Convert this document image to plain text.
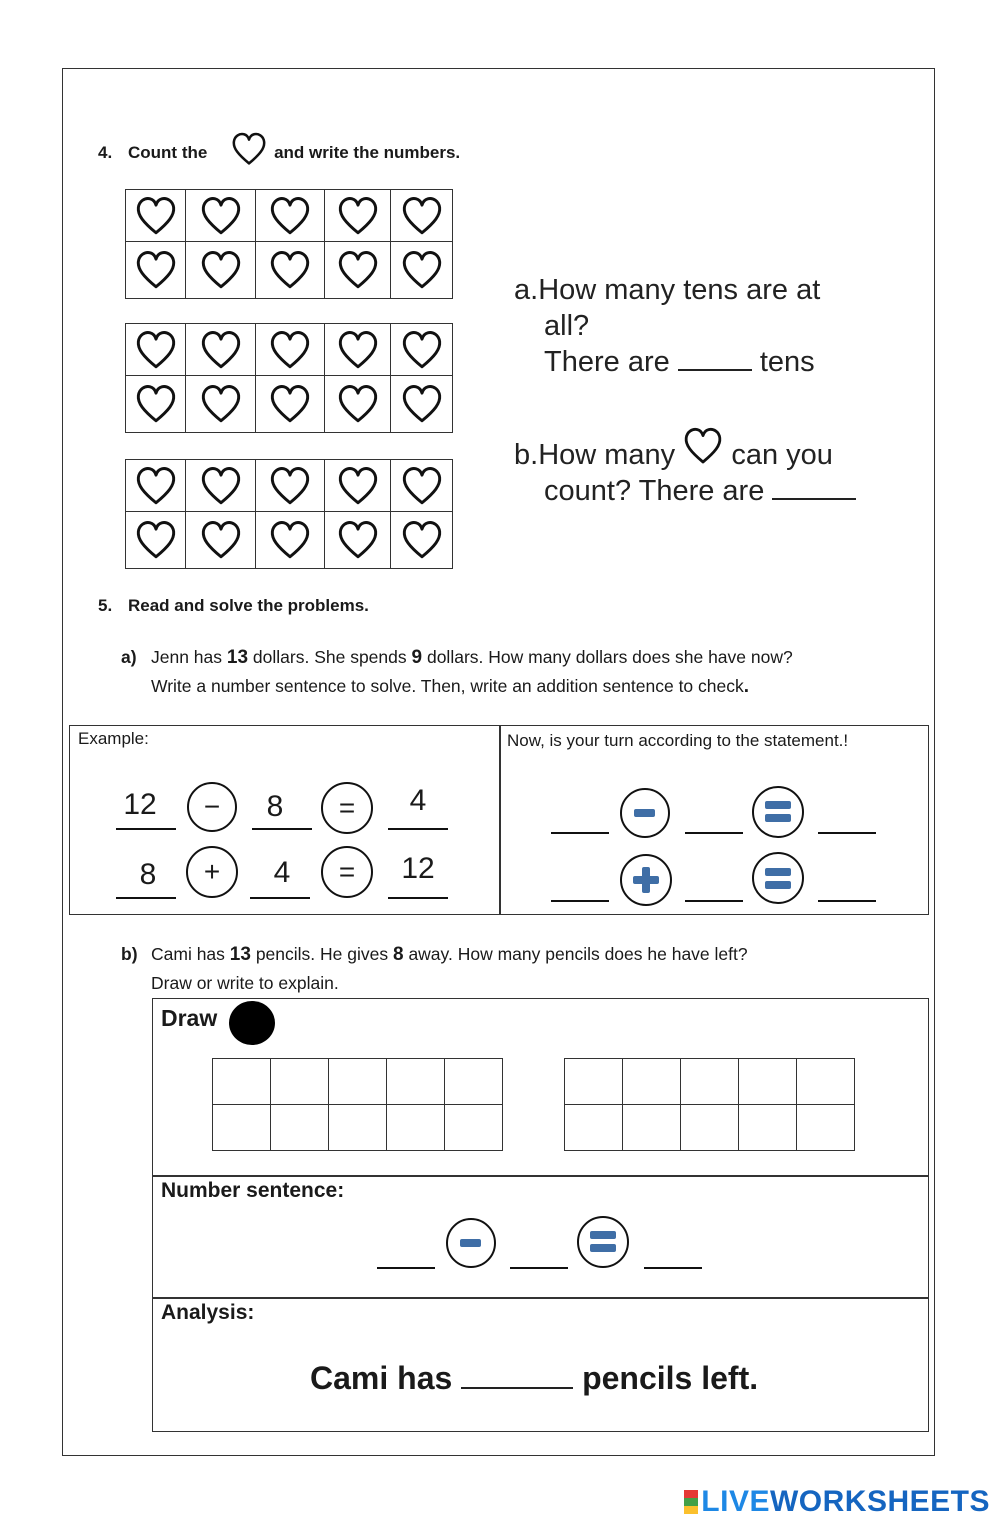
4. Count the	and write the numbers.

a.How many tens are at
all?
There are	tens
b.How many can you
count? There are
5. Read and solve the problems.
a) Jenn has 13 dollars. She spends 9 dollars. How many dollars does she have now?
Write a number sentence to solve. Then, write an addition sentence to check.
Example:	Now, is your turn according to the statement.!
12	−	8	=	4
8	+	4	=	12
b) Cami has 13 pencils. He gives 8 away. How many pencils does he have left?
Draw or write to explain.
Draw

Number sentence:
Analysis:
Cami has	pencils left.
LIVEWORKSHEETS
